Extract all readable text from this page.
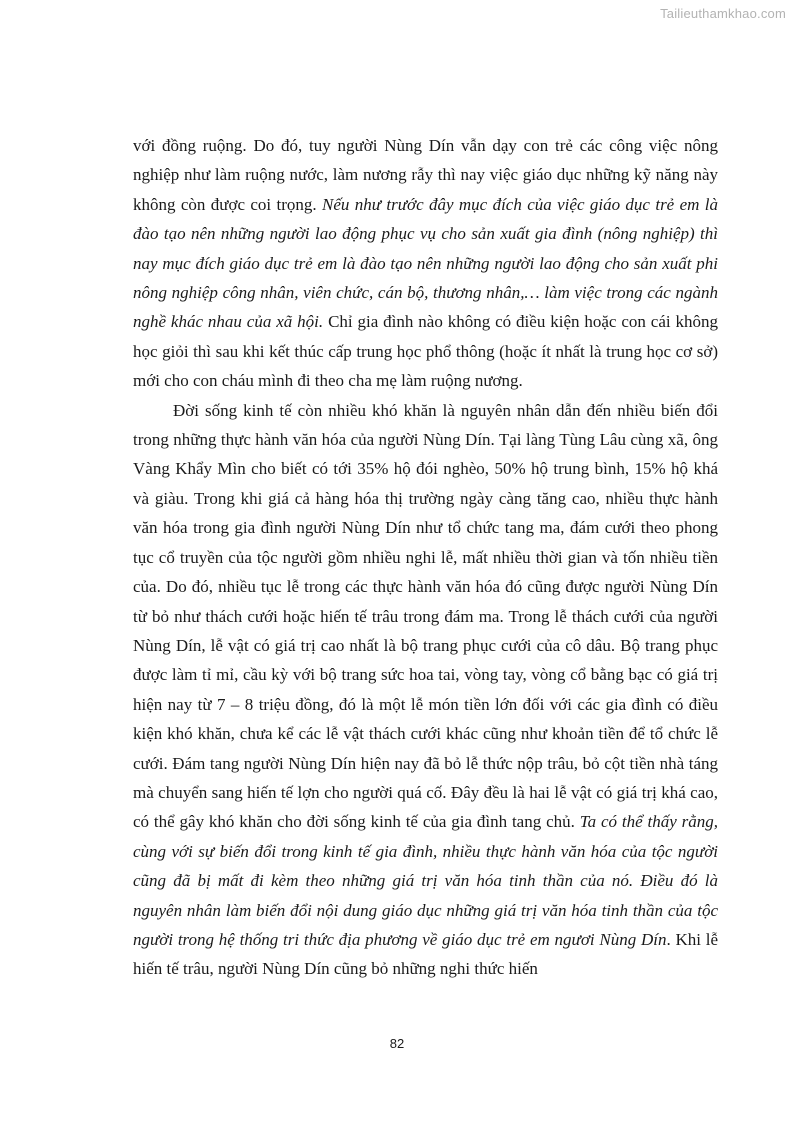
Tailieuthamkhao.com

với đồng ruộng. Do đó, tuy người Nùng Dín vẫn dạy con trẻ các công việc nông nghiệp như làm ruộng nước, làm nương rẫy thì nay việc giáo dục những kỹ năng này không còn được coi trọng. Nếu như trước đây mục đích của việc giáo dục trẻ em là đào tạo nên những người lao động phục vụ cho sản xuất gia đình (nông nghiệp) thì nay mục đích giáo dục trẻ em là đào tạo nên những người lao động cho sản xuất phi nông nghiệp công nhân, viên chức, cán bộ, thương nhân,… làm việc trong các ngành nghề khác nhau của xã hội. Chỉ gia đình nào không có điều kiện hoặc con cái không học giỏi thì sau khi kết thúc cấp trung học phổ thông (hoặc ít nhất là trung học cơ sở) mới cho con cháu mình đi theo cha mẹ làm ruộng nương.

Đời sống kinh tế còn nhiều khó khăn là nguyên nhân dẫn đến nhiều biến đổi trong những thực hành văn hóa của người Nùng Dín. Tại làng Tùng Lâu cùng xã, ông Vàng Khẩy Mìn cho biết có tới 35% hộ đói nghèo, 50% hộ trung bình, 15% hộ khá và giàu. Trong khi giá cả hàng hóa thị trường ngày càng tăng cao, nhiều thực hành văn hóa trong gia đình người Nùng Dín như tổ chức tang ma, đám cưới theo phong tục cổ truyền của tộc người gồm nhiều nghi lễ, mất nhiều thời gian và tốn nhiều tiền của. Do đó, nhiều tục lễ trong các thực hành văn hóa đó cũng được người Nùng Dín từ bỏ như thách cưới hoặc hiến tế trâu trong đám ma. Trong lễ thách cưới của người Nùng Dín, lễ vật có giá trị cao nhất là bộ trang phục cưới của cô dâu. Bộ trang phục được làm tỉ mỉ, cầu kỳ với bộ trang sức hoa tai, vòng tay, vòng cổ bằng bạc có giá trị hiện nay từ 7 – 8 triệu đồng, đó là một lễ món tiền lớn đối với các gia đình có điều kiện khó khăn, chưa kể các lễ vật thách cưới khác cũng như khoản tiền để tổ chức lễ cưới. Đám tang người Nùng Dín hiện nay đã bỏ lễ thức nộp trâu, bỏ cột tiền nhà táng mà chuyển sang hiến tế lợn cho người quá cố. Đây đều là hai lễ vật có giá trị khá cao, có thể gây khó khăn cho đời sống kinh tế của gia đình tang chủ. Ta có thể thấy rằng, cùng với sự biến đổi trong kinh tế gia đình, nhiều thực hành văn hóa của tộc người cũng đã bị mất đi kèm theo những giá trị văn hóa tinh thần của nó. Điều đó là nguyên nhân làm biến đổi nội dung giáo dục những giá trị văn hóa tinh thần của tộc người trong hệ thống tri thức địa phương về giáo dục trẻ em ngươi Nùng Dín. Khi lễ hiến tế trâu, người Nùng Dín cũng bỏ những nghi thức hiến

82
